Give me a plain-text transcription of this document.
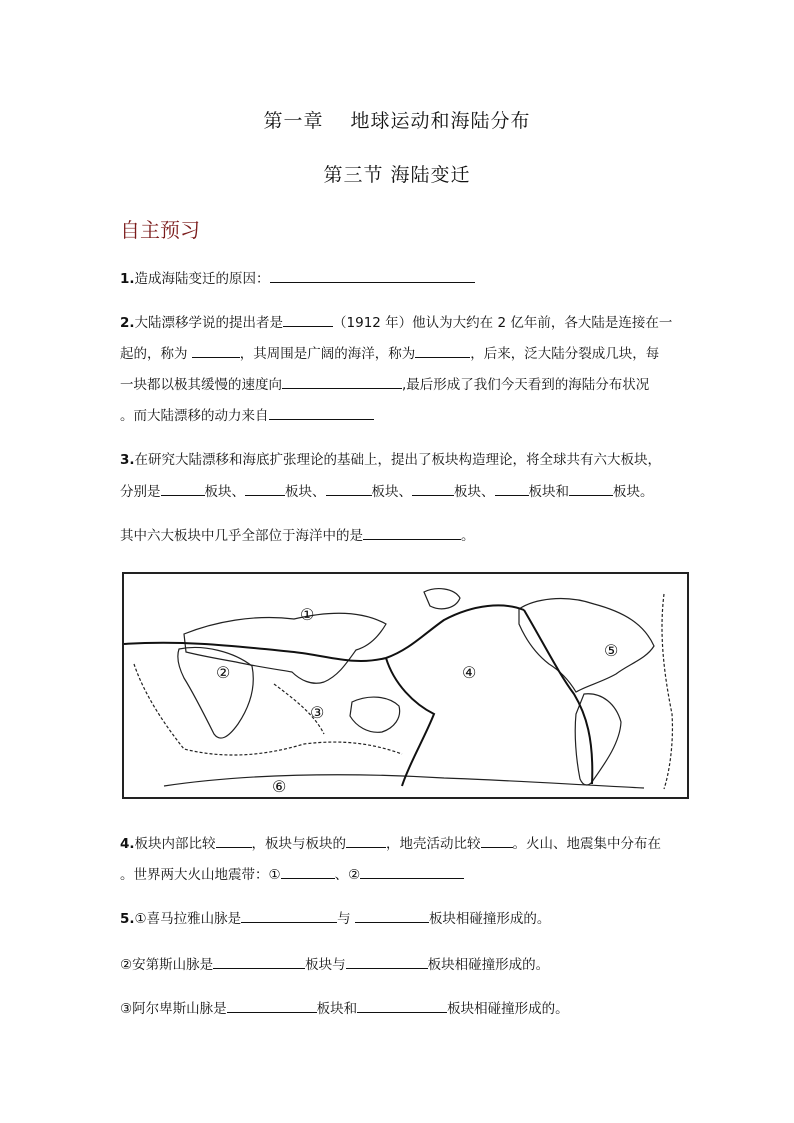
第一章　 地球运动和海陆分布
第三节 海陆变迁
自主预习
1.造成海陆变迁的原因：
2.大陆漂移学说的提出者是	（1912 年）他认为大约在 2 亿年前，各大陆是连接在一
起的，称为	，其周围是广阔的海洋，称为	，后来，泛大陆分裂成几块，每
一块都以极其缓慢的速度向	,最后形成了我们今天看到的海陆分布状况
。而大陆漂移的动力来自
3.在研究大陆漂移和海底扩张理论的基础上，提出了板块构造理论，将全球共有六大板块，
分别是	板块、	板块、	板块、	板块、	板块和	板块。
其中六大板块中几乎全部位于海洋中的是	。
①
②
③
④
⑤
⑥
4.板块内部比较	，板块与板块的	，地壳活动比较 。火山、地震集中分布在
。世界两大火山地震带：①	、②
5.①喜马拉雅山脉是	与	板块相碰撞形成的。
②安第斯山脉是	板块与	板块相碰撞形成的。
③阿尔卑斯山脉是	板块和	板块相碰撞形成的。
